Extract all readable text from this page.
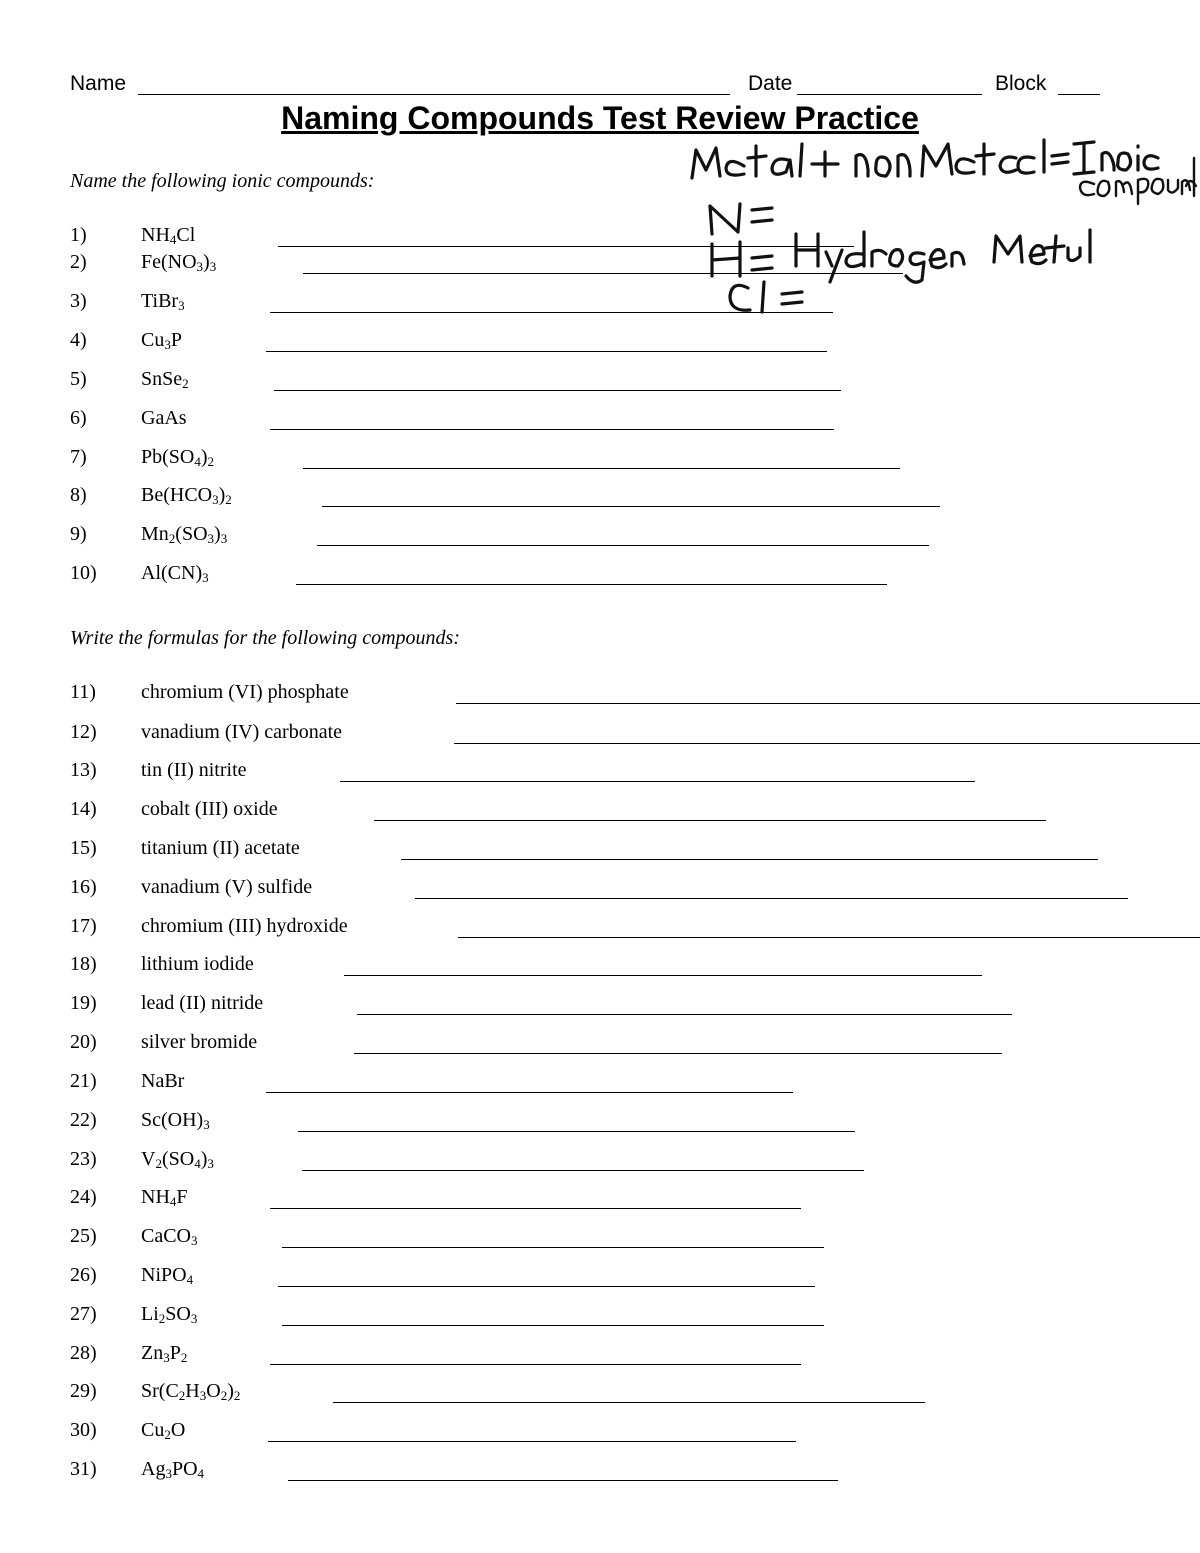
Name	Date	Block
Naming Compounds Test Review Practice
Name the following ionic compounds:
1)	$NH_4Cl$
2)	$Fe(NO_3)_3$
3)	TiBr$_3$
4)	$Cu_3P$
5)	SnSe$_2$
6)	GaAs
7)	$Pb(SO_4)_2$
8)	$Be(HCO_3)_2$
9)	$Mn_2(SO_3)_3$
10)	$Al(CN)_3$
Write the formulas for the following compounds:
11)	chromium (VI) phosphate
12)	vanadium (IV) carbonate
13)	tin (II) nitrite
14)	cobalt (III) oxide
15)	titanium (II) acetate
16)	vanadium (V) sulfide
17)	chromium (III) hydroxide
18)	lithium iodide
19)	lead (II) nitride
20)	silver bromide
21)	NaBr
22)	$Sc(OH)_3$
23)	$V_2(SO_4)_3$
24)	$NH_4F$
25)	CaCO$_3$
26)	NiPO$_4$
27)	$Li_2SO_3$
28)	$Zn_3P_2$
29)	$Sr(C_2H_3O_2)_2$
30)	$Cu_2O$
31)	$Ag_3PO_4$
